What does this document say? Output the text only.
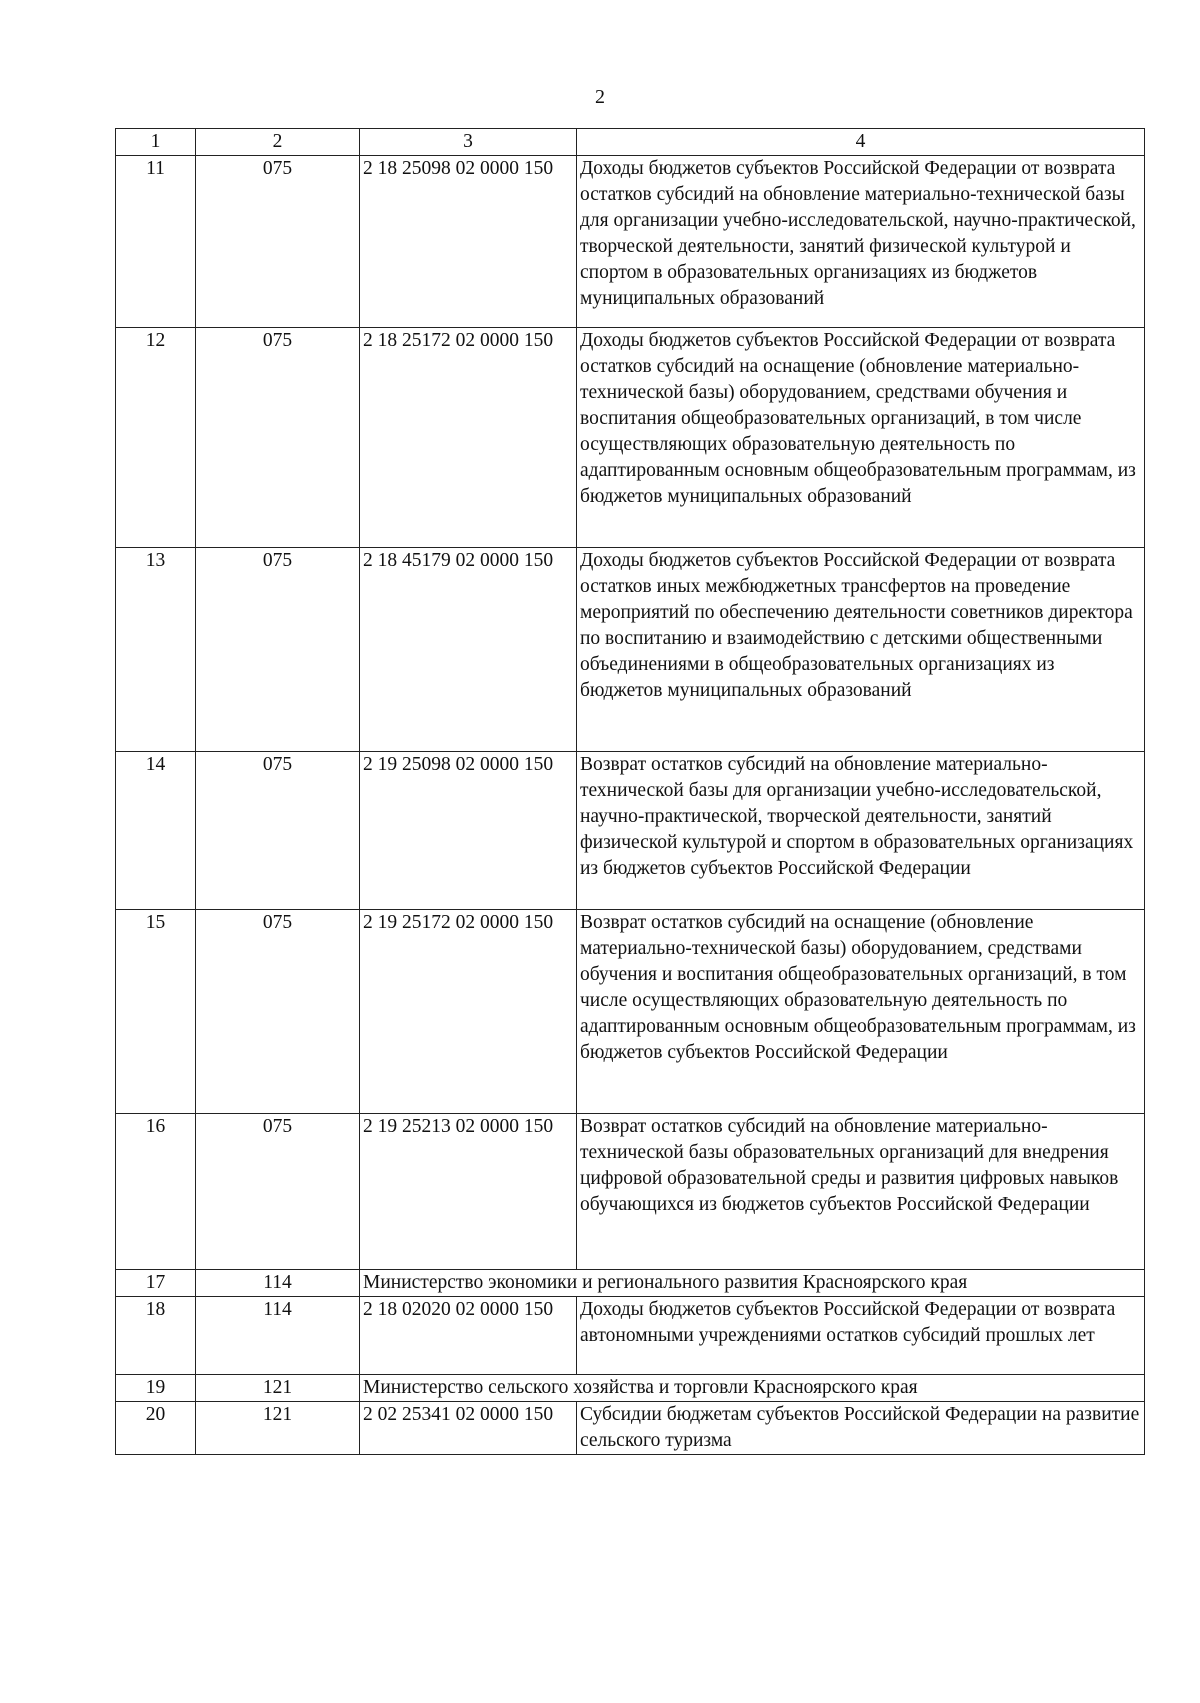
2
1	2	3	4
11	075	2 18 25098 02 0000 150	Доходы бюджетов субъектов Российской Федерации от возврата остатков субсидий на обновление материально-технической базы для организации учебно-исследовательской, научно-практической, творческой деятельности, занятий физической культурой и спортом в образовательных организациях из бюджетов муниципальных образований
12	075	2 18 25172 02 0000 150	Доходы бюджетов субъектов Российской Федерации от возврата остатков субсидий на оснащение (обновление материально-технической базы) оборудованием, средствами обучения и воспитания общеобразовательных организаций, в том числе осуществляющих образовательную деятельность по адаптированным основным общеобразовательным программам, из бюджетов муниципальных образований
13	075	2 18 45179 02 0000 150	Доходы бюджетов субъектов Российской Федерации от возврата остатков иных межбюджетных трансфертов на проведение мероприятий по обеспечению деятельности советников директора по воспитанию и взаимодействию с детскими общественными объединениями в общеобразовательных организациях из бюджетов муниципальных образований
14	075	2 19 25098 02 0000 150	Возврат остатков субсидий на обновление материально-технической базы для организации учебно-исследовательской, научно-практической, творческой деятельности, занятий физической культурой и спортом в образовательных организациях из бюджетов субъектов Российской Федерации
15	075	2 19 25172 02 0000 150	Возврат остатков субсидий на оснащение (обновление материально-технической базы) оборудованием, средствами обучения и воспитания общеобразовательных организаций, в том числе осуществляющих образовательную деятельность по адаптированным основным общеобразовательным программам, из бюджетов субъектов Российской Федерации
16	075	2 19 25213 02 0000 150	Возврат остатков субсидий на обновление материально-технической базы образовательных организаций для внедрения цифровой образовательной среды и развития цифровых навыков обучающихся из бюджетов субъектов Российской Федерации
17	114	Министерство экономики и регионального развития Красноярского края	
18	114	2 18 02020 02 0000 150	Доходы бюджетов субъектов Российской Федерации от возврата автономными учреждениями остатков субсидий прошлых лет
19	121	Министерство сельского хозяйства и торговли Красноярского края	
20	121	2 02 25341 02 0000 150	Субсидии бюджетам субъектов Российской Федерации на развитие сельского туризма
